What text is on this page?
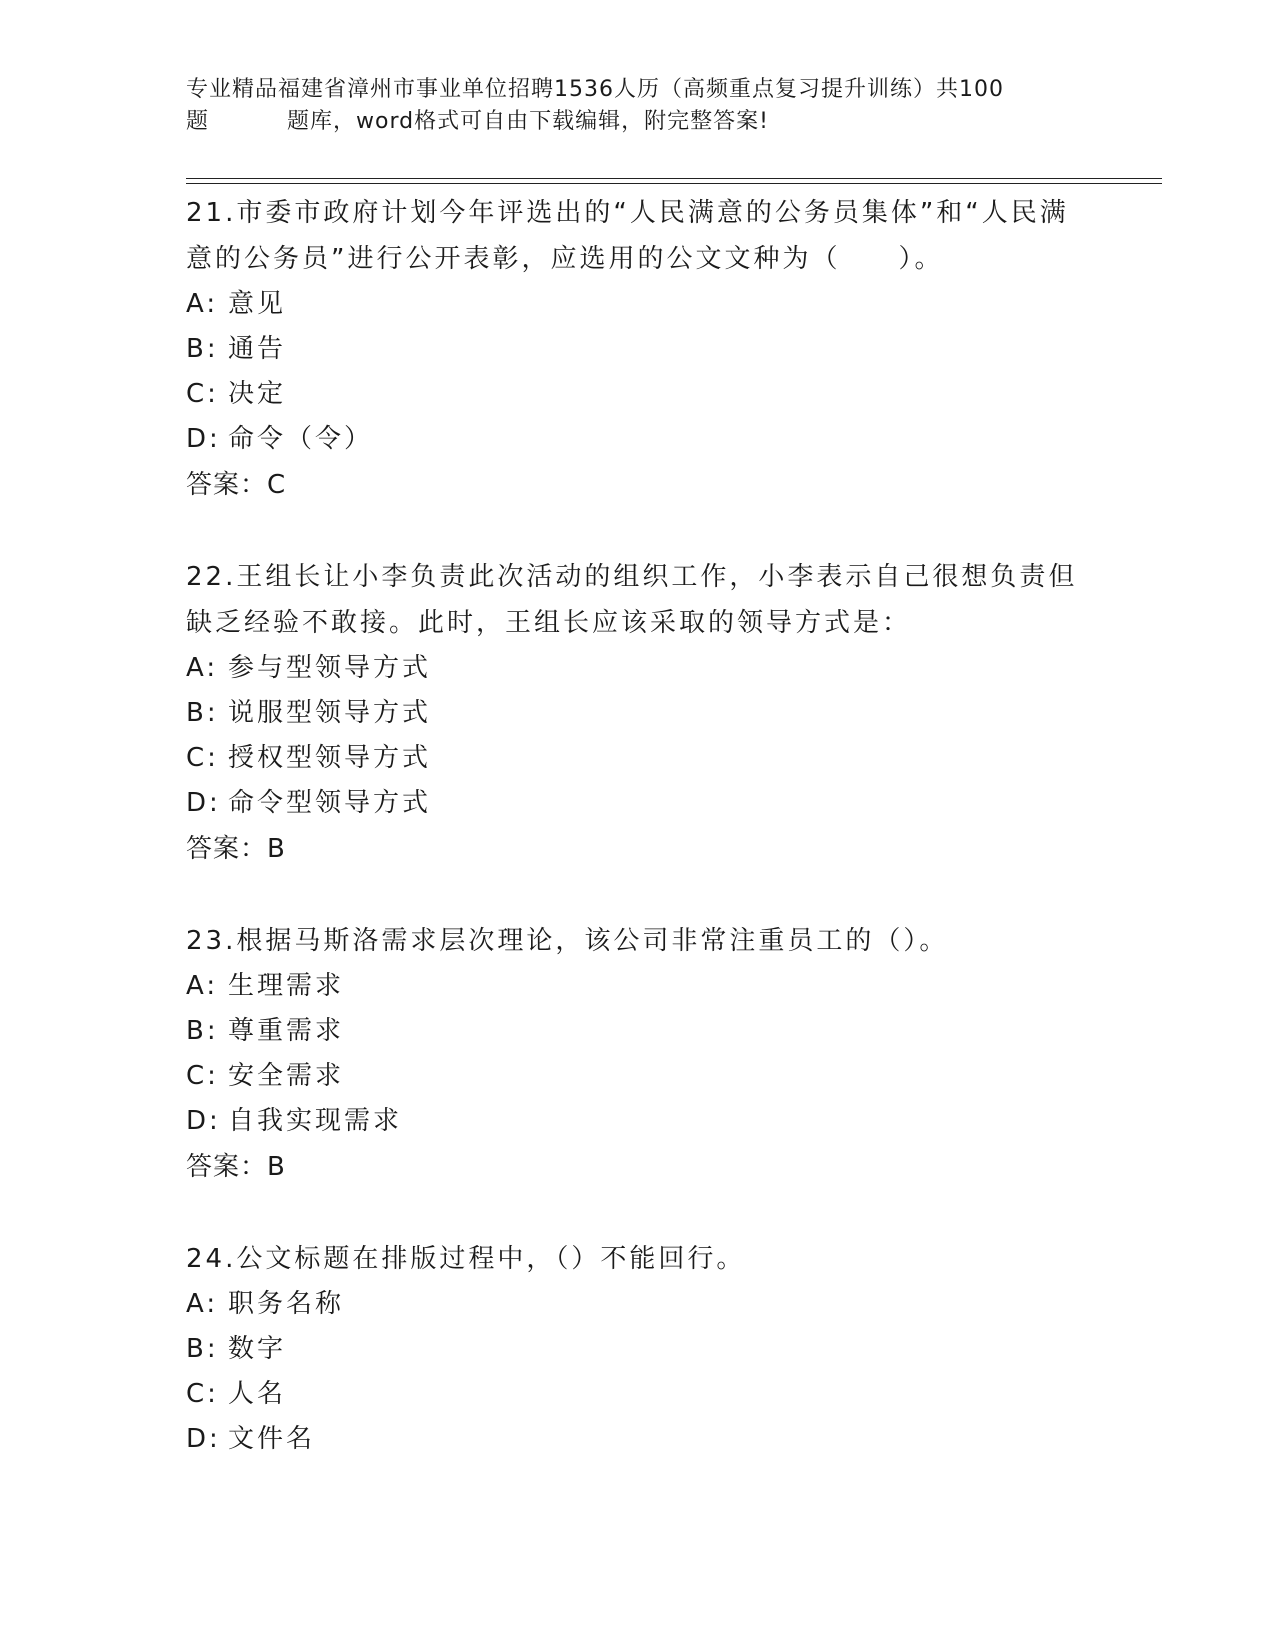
专业精品福建省漳州市事业单位招聘1536人历（高频重点复习提升训练）共100
题	题库，word格式可自由下载编辑，附完整答案!

21.市委市政府计划今年评选出的“人民满意的公务员集体”和“人民满意的公务员”进行公开表彰，应选用的公文文种为（　　）。

A: 意见
B: 通告
C: 决定
D: 命令（令）
答案：C

22.王组长让小李负责此次活动的组织工作，小李表示自己很想负责但缺乏经验不敢接。此时，王组长应该采取的领导方式是：

A: 参与型领导方式
B: 说服型领导方式
C: 授权型领导方式
D: 命令型领导方式
答案：B

23.根据马斯洛需求层次理论，该公司非常注重员工的（）。

A: 生理需求
B: 尊重需求
C: 安全需求
D: 自我实现需求
答案：B

24.公文标题在排版过程中，（）不能回行。

A: 职务名称
B: 数字
C: 人名
D: 文件名
